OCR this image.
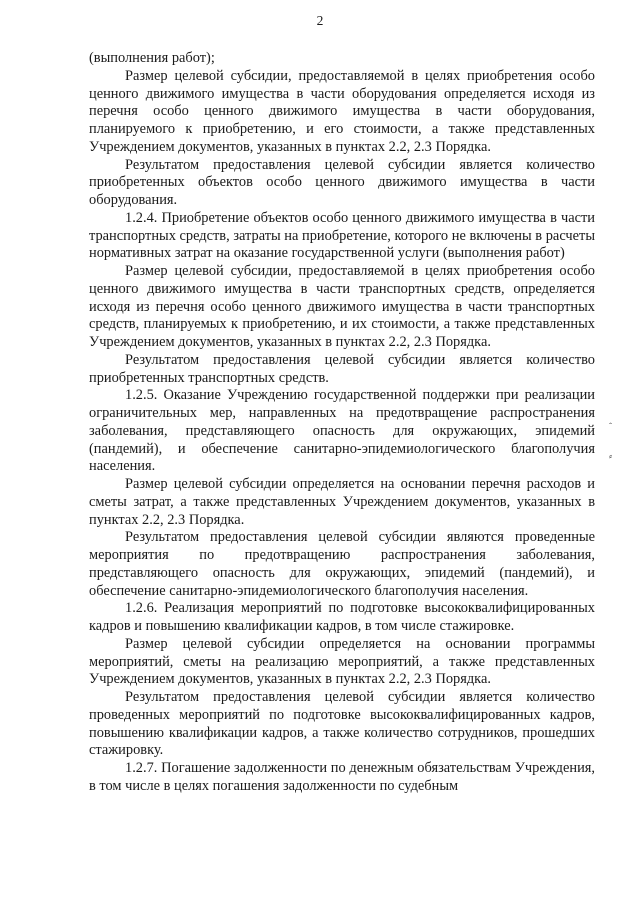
2

(выполнения работ);

Размер целевой субсидии, предоставляемой в целях приобретения особо ценного движимого имущества в части оборудования определяется исходя из перечня особо ценного движимого имущества в части оборудования, планируемого к приобретению, и его стоимости, а также представленных Учреждением документов, указанных в пунктах 2.2, 2.3 Порядка.

Результатом предоставления целевой субсидии является количество приобретенных объектов особо ценного движимого имущества в части оборудования.

1.2.4. Приобретение объектов особо ценного движимого имущества в части транспортных средств, затраты на приобретение, которого не включены в расчеты нормативных затрат на оказание государственной услуги (выполнения работ)

Размер целевой субсидии, предоставляемой в целях приобретения особо ценного движимого имущества в части транспортных средств, определяется исходя из перечня особо ценного движимого имущества в части транспортных средств, планируемых к приобретению, и их стоимости, а также представленных Учреждением документов, указанных в пунктах 2.2, 2.3 Порядка.

Результатом предоставления целевой субсидии является количество приобретенных транспортных средств.

1.2.5. Оказание Учреждению государственной поддержки при реализации ограничительных мер, направленных на предотвращение распространения заболевания, представляющего опасность для окружающих, эпидемий (пандемий), и обеспечение санитарно-эпидемиологического благополучия населения.

Размер целевой субсидии определяется на основании перечня расходов и сметы затрат, а также представленных Учреждением документов, указанных в пунктах 2.2, 2.3 Порядка.

Результатом предоставления целевой субсидии являются проведенные мероприятия по предотвращению распространения заболевания, представляющего опасность для окружающих, эпидемий (пандемий), и обеспечение санитарно-эпидемиологического благополучия населения.

1.2.6. Реализация мероприятий по подготовке высококвалифицированных кадров и повышению квалификации кадров, в том числе стажировке.

Размер целевой субсидии определяется на основании программы мероприятий, сметы на реализацию мероприятий, а также представленных Учреждением документов, указанных в пунктах 2.2, 2.3 Порядка.

Результатом предоставления целевой субсидии является количество проведенных мероприятий по подготовке высококвалифицированных кадров, повышению квалификации кадров, а также количество сотрудников, прошедших стажировку.

1.2.7. Погашение задолженности по денежным обязательствам Учреждения, в том числе в целях погашения задолженности по судебным

ꞈ
⸗
